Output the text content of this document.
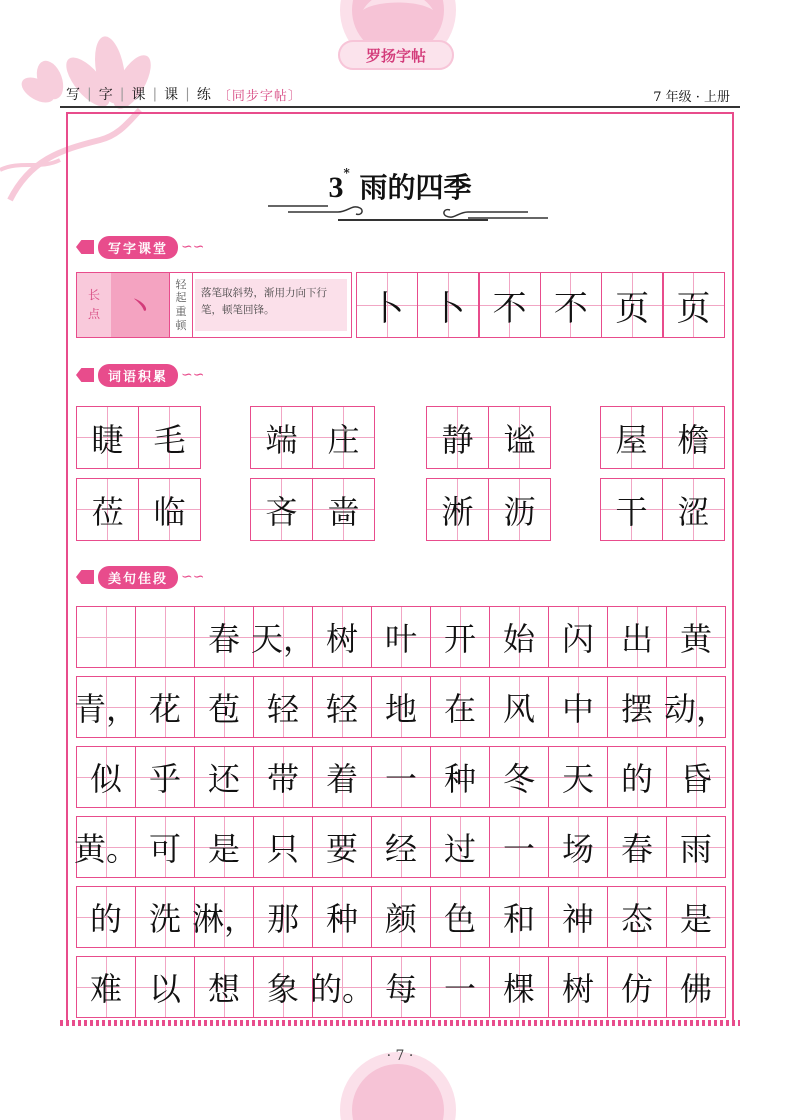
罗扬字帖
写 | 字 | 课 | 课 | 练 〔同步字帖〕	7 年级 · 上册
3* 雨的四季
写字课堂 ∽∽
长
点 丶
轻
起
重
顿
落笔取斜势，渐用力向下行笔，顿笔回锋。	卜 卜 不 不 页 页
词语积累 ∽∽
睫 毛 端 庄	静 谧 屋 檐
莅 临 吝 啬	淅 沥 干 涩
美句佳段 ∽∽
春 天， 树 叶 开 始 闪 出 黄
青， 花 苞 轻 轻 地 在 风 中 摆 动，
似 乎 还 带 着 一 种 冬 天 的 昏
黄。 可 是 只 要 经 过 一 场 春 雨
的 洗 淋， 那 种 颜 色 和 神 态 是
难 以 想 象 的。 每 一 棵 树 仿 佛
· 7 ·
